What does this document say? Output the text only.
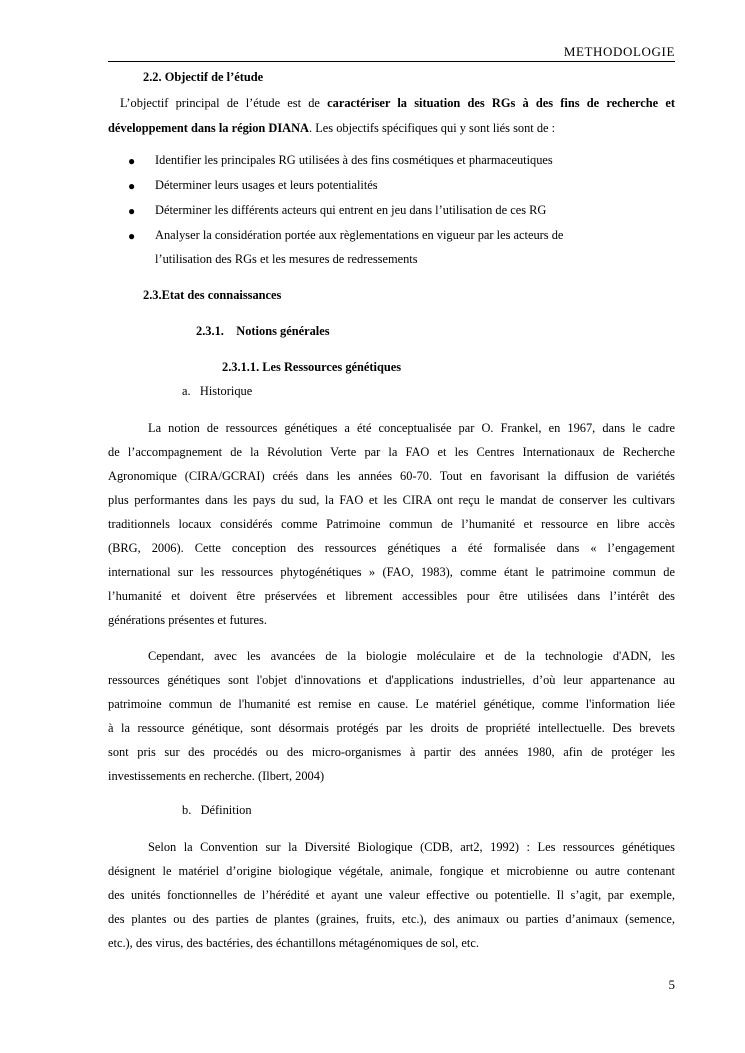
METHODOLOGIE
2.2. Objectif de l’étude
L’objectif principal de l’étude est de caractériser la situation des RGs à des fins de recherche et
développement dans la région DIANA. Les objectifs spécifiques qui y sont liés sont de :
● Identifier les principales RG utilisées à des fins cosmétiques et pharmaceutiques
● Déterminer leurs usages et leurs potentialités
● Déterminer les différents acteurs qui entrent en jeu dans l’utilisation de ces RG
● Analyser la considération portée aux règlementations en vigueur par les acteurs de
l’utilisation des RGs et les mesures de redressements
2.3.Etat des connaissances
2.3.1. Notions générales
2.3.1.1. Les Ressources génétiques
a. Historique
La notion de ressources génétiques a été conceptualisée par O. Frankel, en 1967, dans le cadre
de l’accompagnement de la Révolution Verte par la FAO et les Centres Internationaux de Recherche
Agronomique (CIRA/GCRAI) créés dans les années 60-70. Tout en favorisant la diffusion de variétés
plus performantes dans les pays du sud, la FAO et les CIRA ont reçu le mandat de conserver les cultivars
traditionnels locaux considérés comme Patrimoine commun de l’humanité et ressource en libre accès
(BRG, 2006). Cette conception des ressources génétiques a été formalisée dans « l’engagement
international sur les ressources phytogénétiques » (FAO, 1983), comme étant le patrimoine commun de
l’humanité et doivent être préservées et librement accessibles pour être utilisées dans l’intérêt des
générations présentes et futures.
Cependant, avec les avancées de la biologie moléculaire et de la technologie d'ADN, les
ressources génétiques sont l'objet d'innovations et d'applications industrielles, d’où leur appartenance au
patrimoine commun de l'humanité est remise en cause. Le matériel génétique, comme l'information liée
à la ressource génétique, sont désormais protégés par les droits de propriété intellectuelle. Des brevets
sont pris sur des procédés ou des micro-organismes à partir des années 1980, afin de protéger les
investissements en recherche. (Ilbert, 2004)
b. Définition
Selon la Convention sur la Diversité Biologique (CDB, art2, 1992) : Les ressources génétiques
désignent le matériel d’origine biologique végétale, animale, fongique et microbienne ou autre contenant
des unités fonctionnelles de l’hérédité et ayant une valeur effective ou potentielle. Il s’agit, par exemple,
des plantes ou des parties de plantes (graines, fruits, etc.), des animaux ou parties d’animaux (semence,
etc.), des virus, des bactéries, des échantillons métagénomiques de sol, etc.
5
